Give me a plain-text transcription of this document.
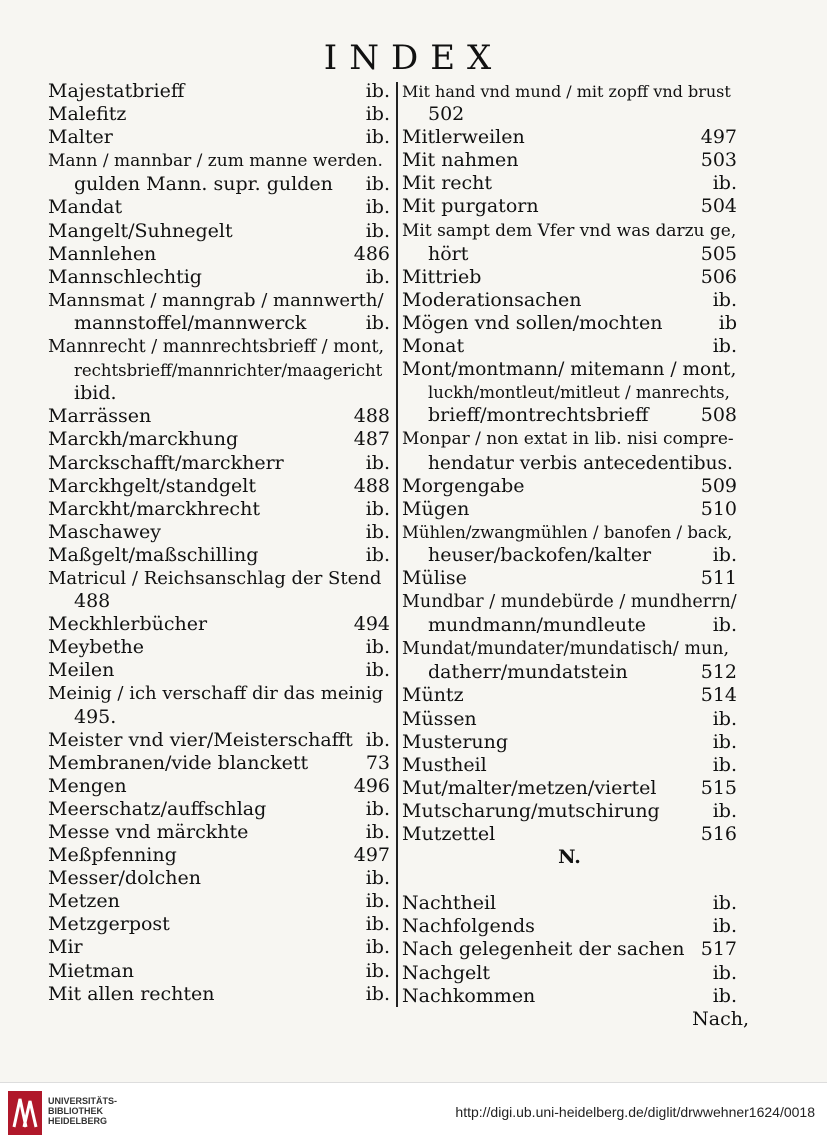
INDEX
Majestatbrieff	ib.
Malefitz	ib.
Malter	ib.
Mann / mannbar / zum manne werden.
gulden Mann. supr. gulden ib.
Mandat	ib.
Mangelt/Suhnegelt	ib.
Mannlehen	486
Mannschlechtig	ib.
Mannsmat / manngrab / mannwerth/
mannstoffel/mannwerck	ib.
Mannrecht / mannrechtsbrieff / mont,
rechtsbrieff/mannrichter/maagericht
ibid.
Marrässen	488
Marckh/marckhung	487
Marckschafft/marckherr	ib.
Marckhgelt/standgelt	488
Marckht/marckhrecht	ib.
Maschawey	ib.
Maßgelt/maßschilling	ib.
Matricul / Reichsanschlag der Stend
488
Meckhlerbücher	494
Meybethe	ib.
Meilen	ib.
Meinig / ich verschaff dir das meinig
495.
Meister vnd vier/Meisterschafft ib.
Membranen/vide blanckett	73
Mengen	496
Meerschatz/auffschlag	ib.
Messe vnd märckhte	ib.
Meßpfenning	497
Messer/dolchen	ib.
Metzen	ib.
Metzgerpost	ib.
Mir	ib.
Mietman	ib.
Mit allen rechten	ib.
Mit hand vnd mund / mit zopff vnd brust
502
Mitlerweilen	497
Mit nahmen	503
Mit recht	ib.
Mit purgatorn	504
Mit sampt dem Vfer vnd was darzu ge,
hört	505
Mittrieb	506
Moderationsachen	ib.
Mögen vnd sollen/mochten	ib
Monat	ib.
Mont/montmann/ mitemann / mont,
luckh/montleut/mitleut / manrechts,
brieff/montrechtsbrieff	508
Monpar / non extat in lib. nisi compre-
hendatur verbis antecedentibus.
Morgengabe	509
Mügen	510
Mühlen/zwangmühlen / banofen / back,
heuser/backofen/kalter	ib.
Mülise	511
Mundbar / mundebürde / mundherrn/
mundmann/mundleute	ib.
Mundat/mundater/mundatisch/ mun,
datherr/mundatstein	512
Müntz	514
Müssen	ib.
Musterung	ib.
Mustheil	ib.
Mut/malter/metzen/viertel 515
Mutscharung/mutschirung	ib.
Mutzettel	516
N.

Nachtheil	ib.
Nachfolgends	ib.
Nach gelegenheit der sachen 517
Nachgelt	ib.
Nachkommen	ib.
Nach,
UNIVERSITÄTS-
BIBLIOTHEK
HEIDELBERG
http://digi.ub.uni-heidelberg.de/diglit/drwwehner1624/0018
